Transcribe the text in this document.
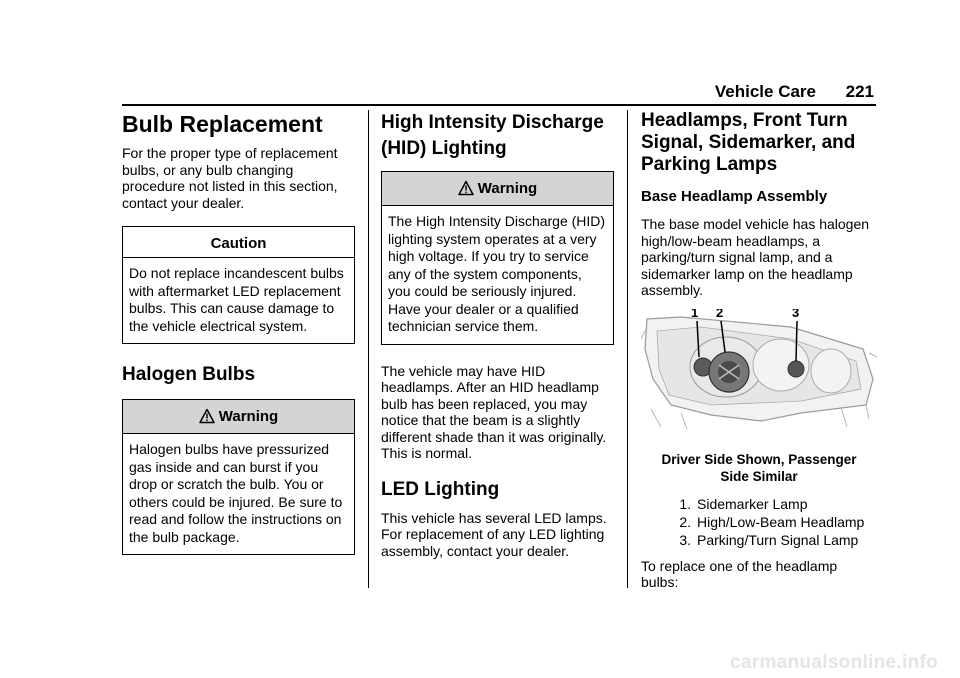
Vehicle Care 221
Bulb Replacement

For the proper type of replacement bulbs, or any bulb changing procedure not listed in this section, contact your dealer.

Caution
Do not replace incandescent bulbs with aftermarket LED replacement bulbs. This can cause damage to the vehicle electrical system.
Halogen Bulbs
Warning
Halogen bulbs have pressurized gas inside and can burst if you drop or scratch the bulb. You or others could be injured. Be sure to read and follow the instructions on the bulb package.
High Intensity Discharge (HID) Lighting
Warning
The High Intensity Discharge (HID) lighting system operates at a very high voltage. If you try to service any of the system components, you could be seriously injured. Have your dealer or a qualified technician service them.

The vehicle may have HID headlamps. After an HID headlamp bulb has been replaced, you may notice that the beam is a slightly different shade than it was originally. This is normal.

LED Lighting

This vehicle has several LED lamps. For replacement of any LED lighting assembly, contact your dealer.

Headlamps, Front Turn Signal, Sidemarker, and Parking Lamps
Base Headlamp Assembly

The base model vehicle has halogen high/low-beam headlamps, a parking/turn signal lamp, and a sidemarker lamp on the headlamp assembly.

1 2	3
Driver Side Shown, Passenger Side Similar
1. Sidemarker Lamp
2. High/Low-Beam Headlamp
3. Parking/Turn Signal Lamp

To replace one of the headlamp bulbs:

carmanualsonline.info
